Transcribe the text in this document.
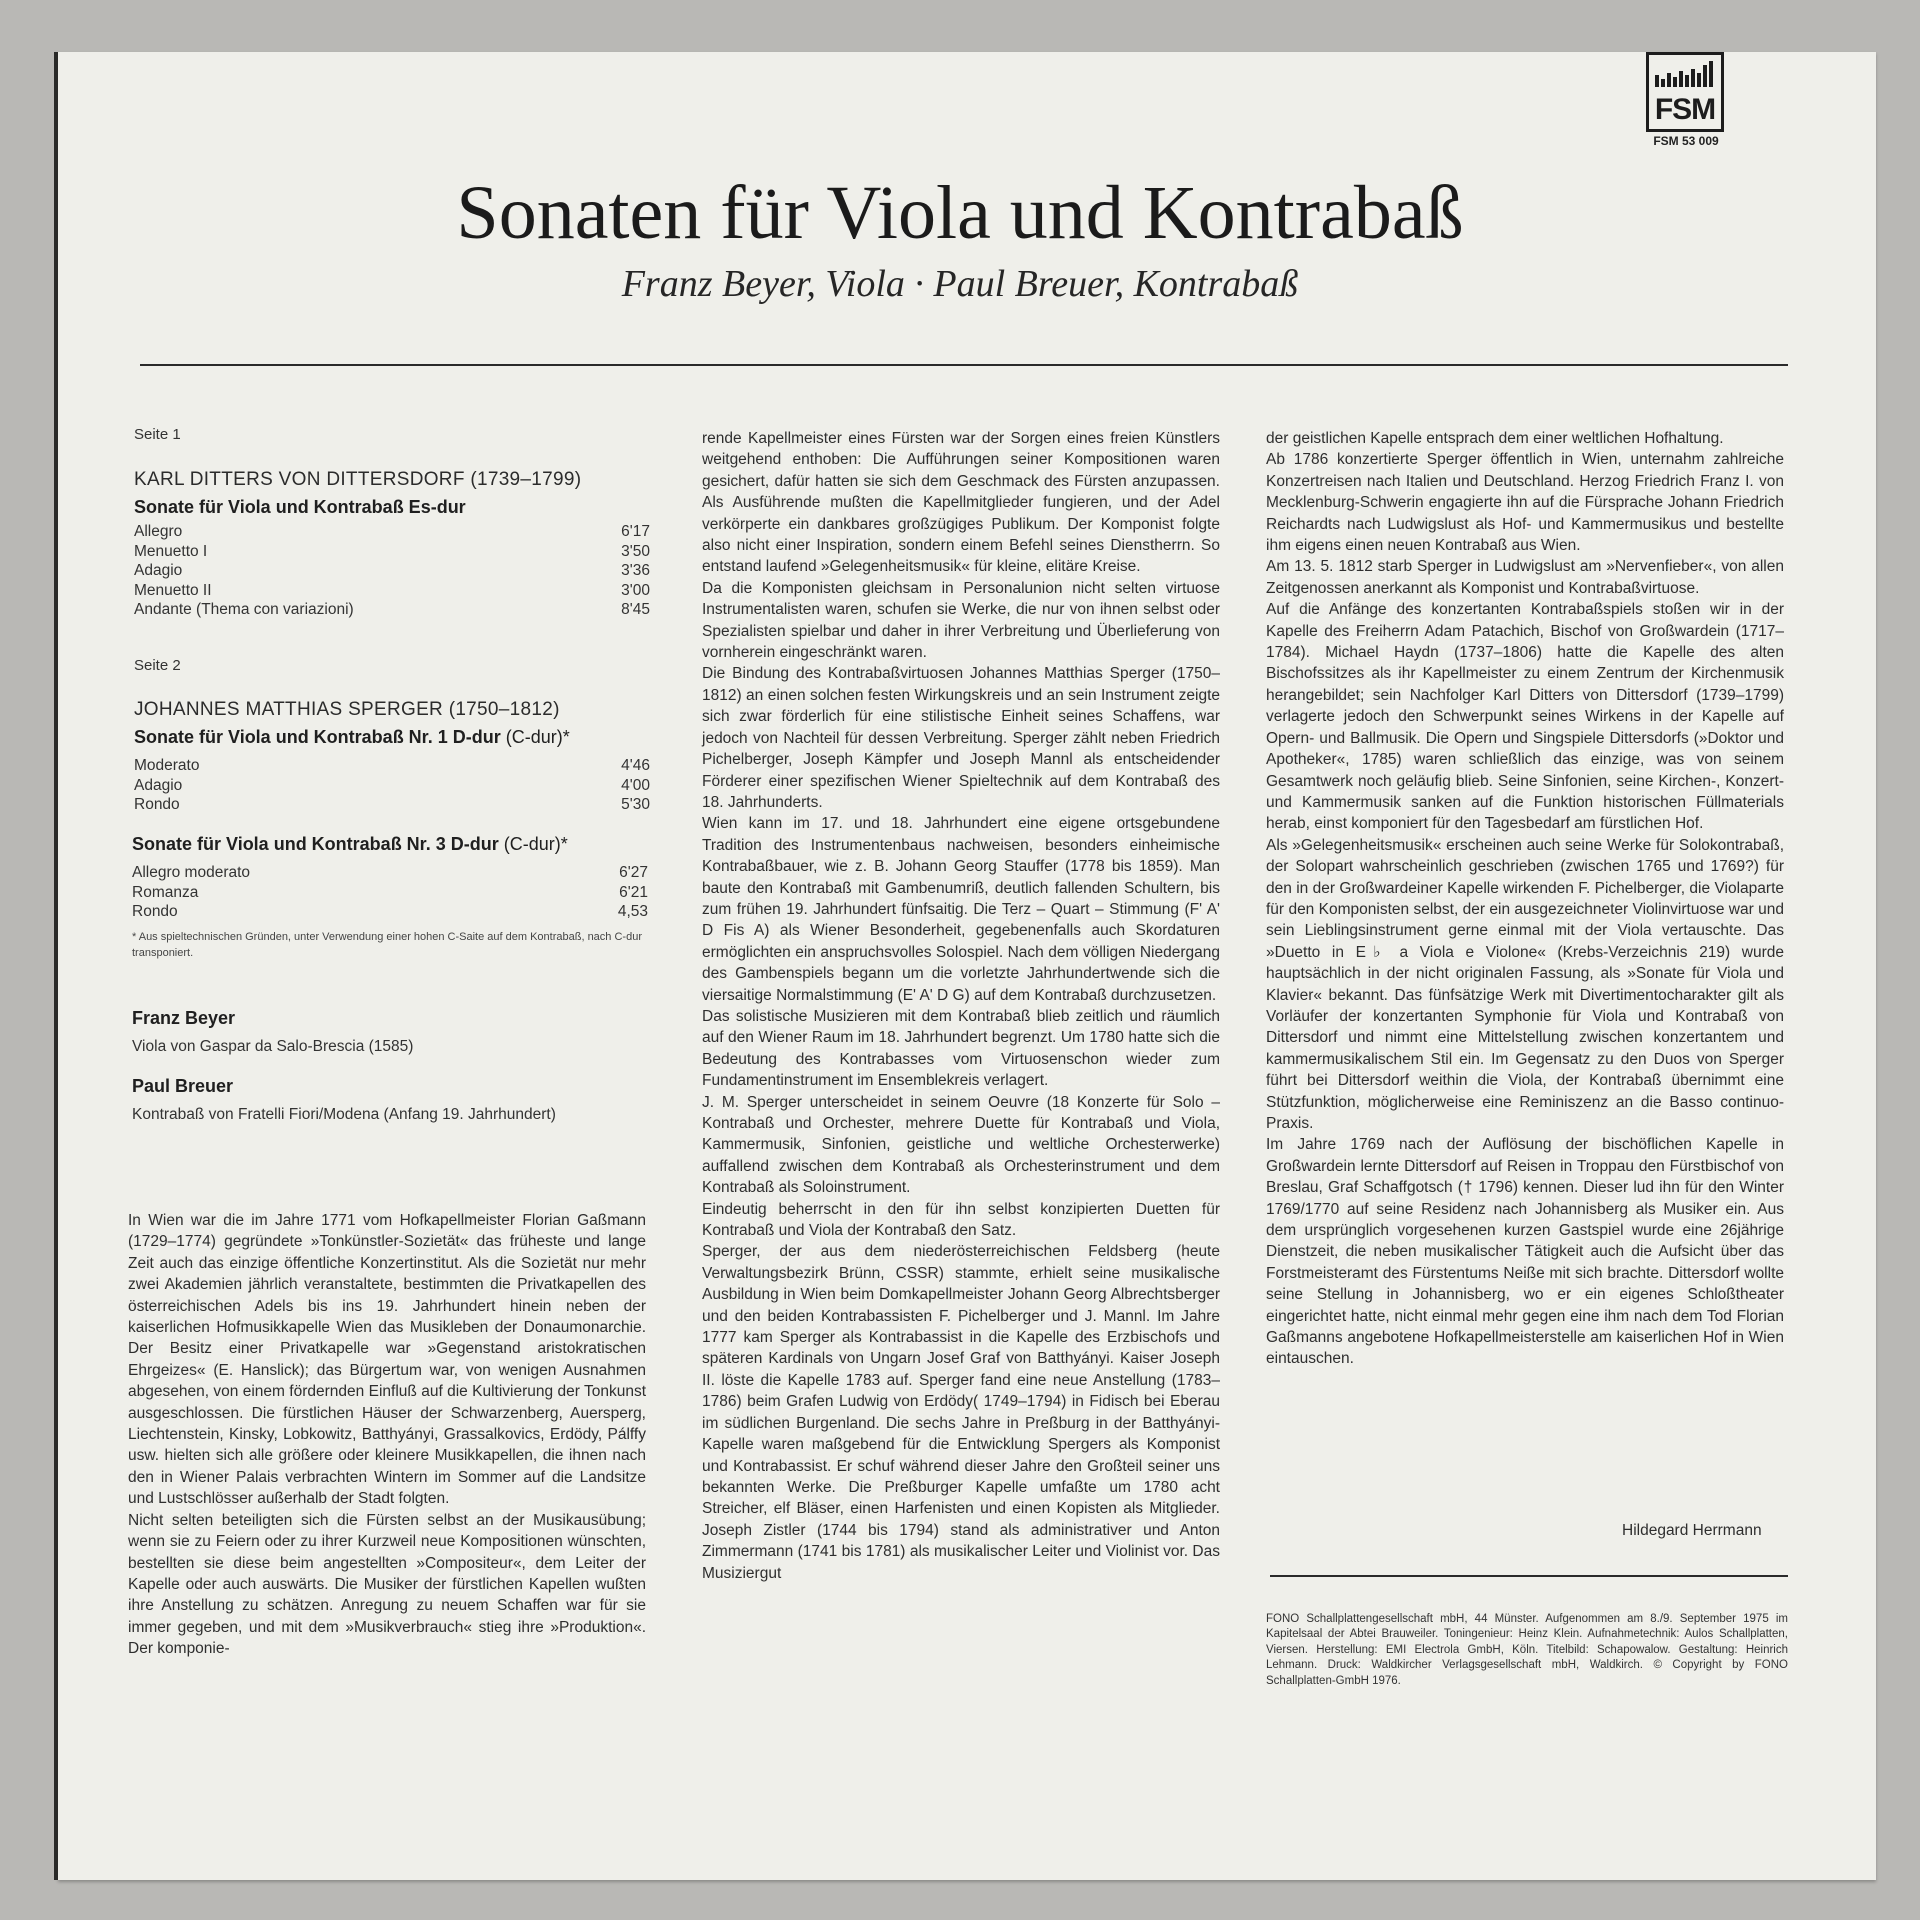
FSM
FSM 53 009
Sonaten für Viola und Kontrabaß
Franz Beyer, Viola · Paul Breuer, Kontrabaß
Seite 1
KARL DITTERS VON DITTERSDORF (1739–1799)
Sonate für Viola und Kontrabaß Es-dur
Allegro	6'17
Menuetto I	3'50
Adagio	3'36
Menuetto II	3'00
Andante (Thema con variazioni)	8'45
Seite 2
JOHANNES MATTHIAS SPERGER (1750–1812)
Sonate für Viola und Kontrabaß Nr. 1 D-dur (C-dur)*
Moderato	4'46
Adagio	4'00
Rondo	5'30
Sonate für Viola und Kontrabaß Nr. 3 D-dur (C-dur)*
Allegro moderato	6'27
Romanza	6'21
Rondo	4,53
* Aus spieltechnischen Gründen, unter Verwendung einer hohen C-Saite auf dem Kontrabaß, nach C-dur transponiert.
Franz Beyer
Viola von Gaspar da Salo-Brescia (1585)
Paul Breuer
Kontrabaß von Fratelli Fiori/Modena (Anfang 19. Jahrhundert)

In Wien war die im Jahre 1771 vom Hofkapellmeister Florian Gaßmann (1729–1774) gegründete »Tonkünstler-Sozietät« das früheste und lange Zeit auch das einzige öffentliche Konzertinstitut. Als die Sozietät nur mehr zwei Akademien jährlich veranstaltete, bestimmten die Privatkapellen des österreichischen Adels bis ins 19. Jahrhundert hinein neben der kaiserlichen Hofmusikkapelle Wien das Musikleben der Donaumonarchie. Der Besitz einer Privatkapelle war »Gegenstand aristokratischen Ehrgeizes« (E. Hanslick); das Bürgertum war, von wenigen Ausnahmen abgesehen, von einem fördernden Einfluß auf die Kultivierung der Tonkunst ausgeschlossen. Die fürstlichen Häuser der Schwarzenberg, Auersperg, Liechtenstein, Kinsky, Lobkowitz, Batthyányi, Grassalkovics, Erdödy, Pálffy usw. hielten sich alle größere oder kleinere Musikkapellen, die ihnen nach den in Wiener Palais verbrachten Wintern im Sommer auf die Landsitze und Lustschlösser außerhalb der Stadt folgten.

Nicht selten beteiligten sich die Fürsten selbst an der Musikausübung; wenn sie zu Feiern oder zu ihrer Kurzweil neue Kompositionen wünschten, bestellten sie diese beim angestellten »Compositeur«, dem Leiter der Kapelle oder auch auswärts. Die Musiker der fürstlichen Kapellen wußten ihre Anstellung zu schätzen. Anregung zu neuem Schaffen war für sie immer gegeben, und mit dem »Musikverbrauch« stieg ihre »Produktion«. Der komponie-

rende Kapellmeister eines Fürsten war der Sorgen eines freien Künstlers weitgehend enthoben: Die Aufführungen seiner Kompositionen waren gesichert, dafür hatten sie sich dem Geschmack des Fürsten anzupassen. Als Ausführende mußten die Kapellmitglieder fungieren, und der Adel verkörperte ein dankbares großzügiges Publikum. Der Komponist folgte also nicht einer Inspiration, sondern einem Befehl seines Dienstherrn. So entstand laufend »Gelegenheitsmusik« für kleine, elitäre Kreise.

Da die Komponisten gleichsam in Personalunion nicht selten virtuose Instrumentalisten waren, schufen sie Werke, die nur von ihnen selbst oder Spezialisten spielbar und daher in ihrer Verbreitung und Überlieferung von vornherein eingeschränkt waren.

Die Bindung des Kontrabaßvirtuosen Johannes Matthias Sperger (1750–1812) an einen solchen festen Wirkungskreis und an sein Instrument zeigte sich zwar förderlich für eine stilistische Einheit seines Schaffens, war jedoch von Nachteil für dessen Verbreitung. Sperger zählt neben Friedrich Pichelberger, Joseph Kämpfer und Joseph Mannl als entscheidender Förderer einer spezifischen Wiener Spieltechnik auf dem Kontrabaß des 18. Jahrhunderts.

Wien kann im 17. und 18. Jahrhundert eine eigene ortsgebundene Tradition des Instrumentenbaus nachweisen, besonders einheimische Kontrabaßbauer, wie z. B. Johann Georg Stauffer (1778 bis 1859). Man baute den Kontrabaß mit Gambenumriß, deutlich fallenden Schultern, bis zum frühen 19. Jahrhundert fünfsaitig. Die Terz – Quart – Stimmung (F' A' D Fis A) als Wiener Besonderheit, gegebenenfalls auch Skordaturen ermöglichten ein anspruchsvolles Solospiel. Nach dem völligen Niedergang des Gambenspiels begann um die vorletzte Jahrhundertwende sich die viersaitige Normalstimmung (E' A' D G) auf dem Kontrabaß durchzusetzen.

Das solistische Musizieren mit dem Kontrabaß blieb zeitlich und räumlich auf den Wiener Raum im 18. Jahrhundert begrenzt. Um 1780 hatte sich die Bedeutung des Kontrabasses vom Virtuosenschon wieder zum Fundamentinstrument im Ensemblekreis verlagert.

J. M. Sperger unterscheidet in seinem Oeuvre (18 Konzerte für Solo – Kontrabaß und Orchester, mehrere Duette für Kontrabaß und Viola, Kammermusik, Sinfonien, geistliche und weltliche Orchesterwerke) auffallend zwischen dem Kontrabaß als Orchesterinstrument und dem Kontrabaß als Soloinstrument.

Eindeutig beherrscht in den für ihn selbst konzipierten Duetten für Kontrabaß und Viola der Kontrabaß den Satz.

Sperger, der aus dem niederösterreichischen Feldsberg (heute Verwaltungsbezirk Brünn, CSSR) stammte, erhielt seine musikalische Ausbildung in Wien beim Domkapellmeister Johann Georg Albrechtsberger und den beiden Kontrabassisten F. Pichelberger und J. Mannl. Im Jahre 1777 kam Sperger als Kontrabassist in die Kapelle des Erzbischofs und späteren Kardinals von Ungarn Josef Graf von Batthyányi. Kaiser Joseph II. löste die Kapelle 1783 auf. Sperger fand eine neue Anstellung (1783–1786) beim Grafen Ludwig von Erdödy( 1749–1794) in Fidisch bei Eberau im südlichen Burgenland. Die sechs Jahre in Preßburg in der Batthyányi-Kapelle waren maßgebend für die Entwicklung Spergers als Komponist und Kontrabassist. Er schuf während dieser Jahre den Großteil seiner uns bekannten Werke. Die Preßburger Kapelle umfaßte um 1780 acht Streicher, elf Bläser, einen Harfenisten und einen Kopisten als Mitglieder. Joseph Zistler (1744 bis 1794) stand als administrativer und Anton Zimmermann (1741 bis 1781) als musikalischer Leiter und Violinist vor. Das Musiziergut

der geistlichen Kapelle entsprach dem einer weltlichen Hofhaltung.

Ab 1786 konzertierte Sperger öffentlich in Wien, unternahm zahlreiche Konzertreisen nach Italien und Deutschland. Herzog Friedrich Franz I. von Mecklenburg-Schwerin engagierte ihn auf die Fürsprache Johann Friedrich Reichardts nach Ludwigslust als Hof- und Kammermusikus und bestellte ihm eigens einen neuen Kontrabaß aus Wien.

Am 13. 5. 1812 starb Sperger in Ludwigslust am »Nervenfieber«, von allen Zeitgenossen anerkannt als Komponist und Kontrabaßvirtuose.

Auf die Anfänge des konzertanten Kontrabaßspiels stoßen wir in der Kapelle des Freiherrn Adam Patachich, Bischof von Großwardein (1717–1784). Michael Haydn (1737–1806) hatte die Kapelle des alten Bischofssitzes als ihr Kapellmeister zu einem Zentrum der Kirchenmusik herangebildet; sein Nachfolger Karl Ditters von Dittersdorf (1739–1799) verlagerte jedoch den Schwerpunkt seines Wirkens in der Kapelle auf Opern- und Ballmusik. Die Opern und Singspiele Dittersdorfs (»Doktor und Apotheker«, 1785) waren schließlich das einzige, was von seinem Gesamtwerk noch geläufig blieb. Seine Sinfonien, seine Kirchen-, Konzert- und Kammermusik sanken auf die Funktion historischen Füllmaterials herab, einst komponiert für den Tagesbedarf am fürstlichen Hof.

Als »Gelegenheitsmusik« erscheinen auch seine Werke für Solokontrabaß, der Solopart wahrscheinlich geschrieben (zwischen 1765 und 1769?) für den in der Großwardeiner Kapelle wirkenden F. Pichelberger, die Violaparte für den Komponisten selbst, der ein ausgezeichneter Violinvirtuose war und sein Lieblingsinstrument gerne einmal mit der Viola vertauschte. Das »Duetto in E♭ a Viola e Violone« (Krebs-Verzeichnis 219) wurde hauptsächlich in der nicht originalen Fassung, als »Sonate für Viola und Klavier« bekannt. Das fünfsätzige Werk mit Divertimentocharakter gilt als Vorläufer der konzertanten Symphonie für Viola und Kontrabaß von Dittersdorf und nimmt eine Mittelstellung zwischen konzertantem und kammermusikalischem Stil ein. Im Gegensatz zu den Duos von Sperger führt bei Dittersdorf weithin die Viola, der Kontrabaß übernimmt eine Stützfunktion, möglicherweise eine Reminiszenz an die Basso continuo-Praxis.

Im Jahre 1769 nach der Auflösung der bischöflichen Kapelle in Großwardein lernte Dittersdorf auf Reisen in Troppau den Fürstbischof von Breslau, Graf Schaffgotsch († 1796) kennen. Dieser lud ihn für den Winter 1769/1770 auf seine Residenz nach Johannisberg als Musiker ein. Aus dem ursprünglich vorgesehenen kurzen Gastspiel wurde eine 26jährige Dienstzeit, die neben musikalischer Tätigkeit auch die Aufsicht über das Forstmeisteramt des Fürstentums Neiße mit sich brachte. Dittersdorf wollte seine Stellung in Johannisberg, wo er ein eigenes Schloßtheater eingerichtet hatte, nicht einmal mehr gegen eine ihm nach dem Tod Florian Gaßmanns angebotene Hofkapellmeisterstelle am kaiserlichen Hof in Wien eintauschen.

Hildegard Herrmann
FONO Schallplattengesellschaft mbH, 44 Münster. Aufgenommen am 8./9. September 1975 im Kapitelsaal der Abtei Brauweiler. Toningenieur: Heinz Klein. Aufnahmetechnik: Aulos Schallplatten, Viersen. Herstellung: EMI Electrola GmbH, Köln. Titelbild: Schapowalow. Gestaltung: Heinrich Lehmann. Druck: Waldkircher Verlagsgesellschaft mbH, Waldkirch. © Copyright by FONO Schallplatten-GmbH 1976.
